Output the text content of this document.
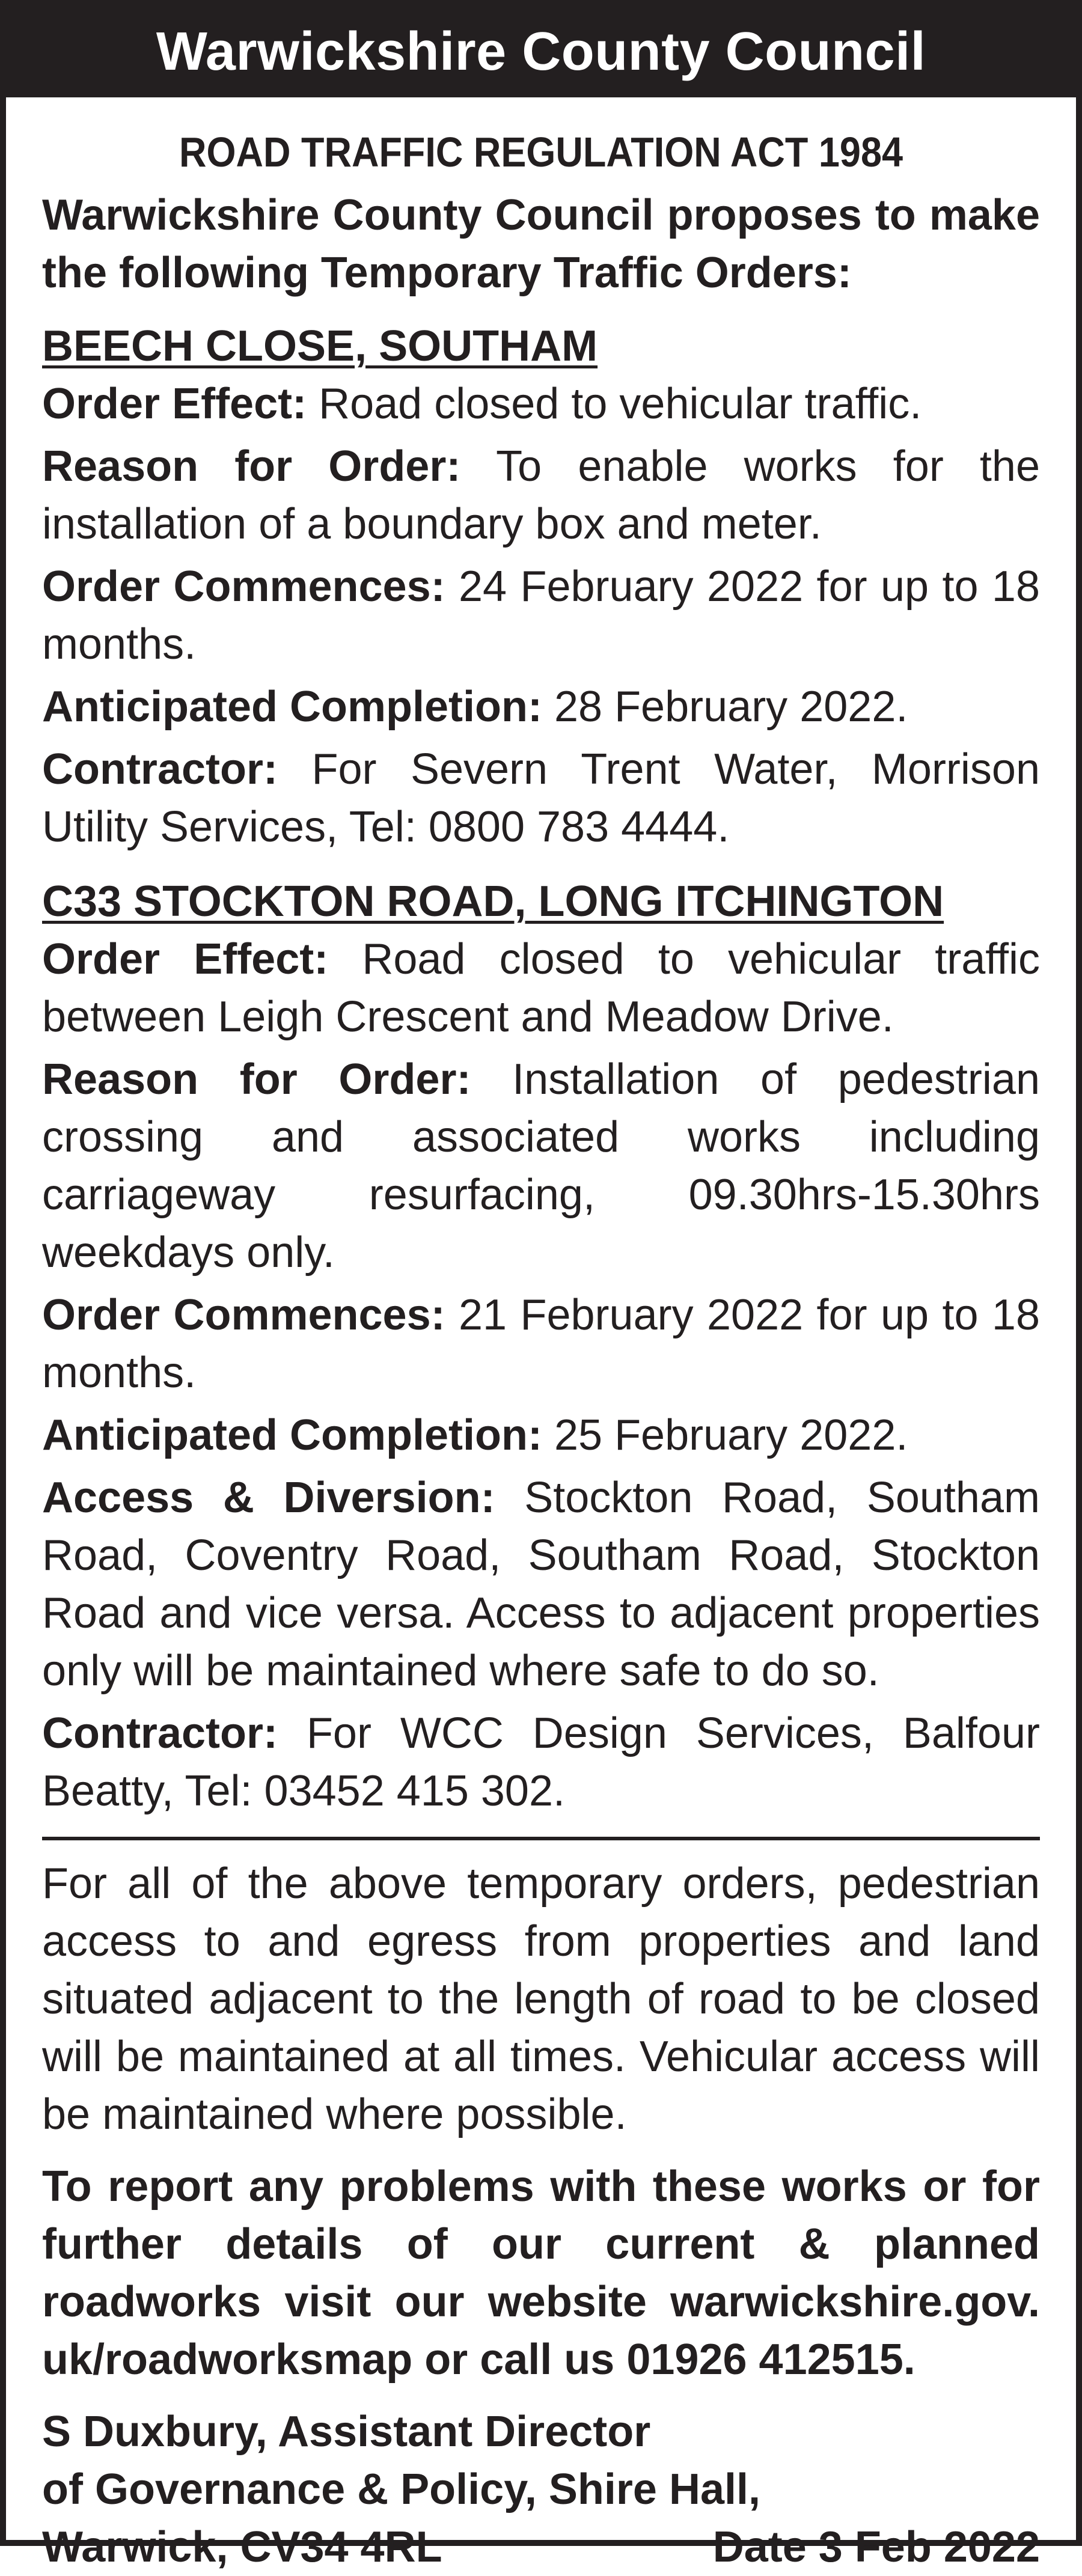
Warwickshire County Council

ROAD TRAFFIC REGULATION ACT 1984

Warwickshire County Council proposes to make the following Temporary Traffic Orders:

BEECH CLOSE, SOUTHAM

Order Effect: Road closed to vehicular traffic.

Reason for Order: To enable works for the installation of a boundary box and meter.

Order Commences: 24 February 2022 for up to 18 months.

Anticipated Completion: 28 February 2022.

Contractor: For Severn Trent Water, Morrison Utility Services, Tel: 0800 783 4444.

C33 STOCKTON ROAD, LONG ITCHINGTON

Order Effect: Road closed to vehicular traffic between Leigh Crescent and Meadow Drive.

Reason for Order: Installation of pedestrian crossing and associated works including carriageway resurfacing, 09.30hrs-15.30hrs weekdays only.

Order Commences: 21 February 2022 for up to 18 months.

Anticipated Completion: 25 February 2022.

Access & Diversion: Stockton Road, Southam Road, Coventry Road, Southam Road, Stockton Road and vice versa. Access to adjacent properties only will be maintained where safe to do so.

Contractor: For WCC Design Services, Balfour Beatty, Tel: 03452 415 302.

For all of the above temporary orders, pedestrian access to and egress from properties and land situated adjacent to the length of road to be closed will be maintained at all times. Vehicular access will be maintained where possible.

To report any problems with these works or for further details of our current & planned roadworks visit our website warwickshire.gov. uk/roadworksmap or call us 01926 412515.

S Duxbury, Assistant Director

of Governance & Policy, Shire Hall,

Warwick, CV34 4RL	Date 3 Feb 2022
